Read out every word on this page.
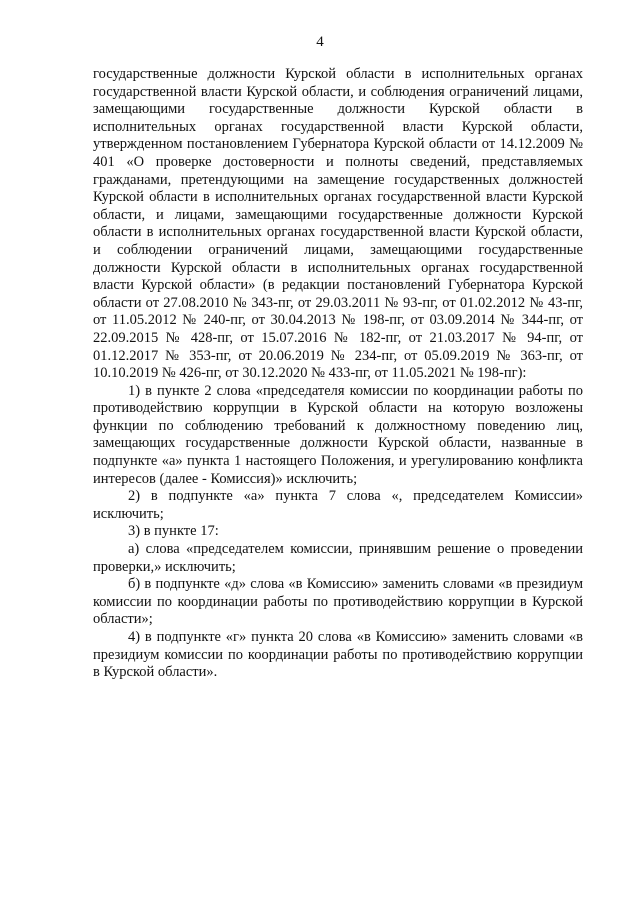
4

государственные должности Курской области в исполнительных органах государственной власти Курской области, и соблюдения ограничений лицами, замещающими государственные должности Курской области в исполнительных органах государственной власти Курской области, утвержденном постановлением Губернатора Курской области от 14.12.2009 № 401 «О проверке достоверности и полноты сведений, представляемых гражданами, претендующими на замещение государственных должностей Курской области в исполнительных органах государственной власти Курской области, и лицами, замещающими государственные должности Курской области в исполнительных органах государственной власти Курской области, и соблюдении ограничений лицами, замещающими государственные должности Курской области в исполнительных органах государственной власти Курской области» (в редакции постановлений Губернатора Курской области от 27.08.2010 № 343-пг, от 29.03.2011 № 93-пг, от 01.02.2012 № 43-пг, от 11.05.2012 № 240-пг, от 30.04.2013 № 198-пг, от 03.09.2014 № 344-пг, от 22.09.2015 № 428-пг, от 15.07.2016 № 182-пг, от 21.03.2017 № 94-пг, от 01.12.2017 № 353-пг, от 20.06.2019 № 234-пг, от 05.09.2019 № 363-пг, от 10.10.2019 № 426-пг, от 30.12.2020 № 433-пг, от 11.05.2021 № 198-пг):

1) в пункте 2 слова «председателя комиссии по координации работы по противодействию коррупции в Курской области на которую возложены функции по соблюдению требований к должностному поведению лиц, замещающих государственные должности Курской области, названные в подпункте «а» пункта 1 настоящего Положения, и урегулированию конфликта интересов (далее - Комиссия)» исключить;

2) в подпункте «а» пункта 7 слова «, председателем Комиссии» исключить;

3) в пункте 17:

а) слова «председателем комиссии, принявшим решение о проведении проверки,» исключить;

б) в подпункте «д» слова «в Комиссию» заменить словами «в президиум комиссии по координации работы по противодействию коррупции в Курской области»;

4) в подпункте «г» пункта 20 слова «в Комиссию» заменить словами «в президиум комиссии по координации работы по противодействию коррупции в Курской области».
